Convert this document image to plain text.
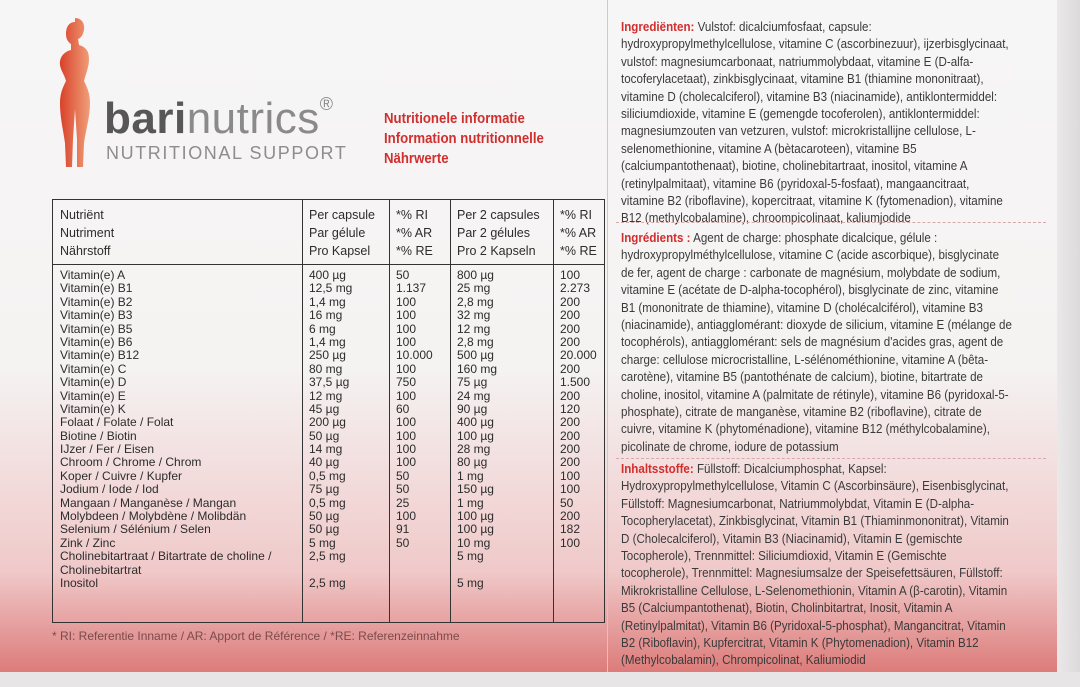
barinutrics®
NUTRITIONAL SUPPORT
Nutritionele informatie
Information nutritionnelle
Nährwerte
Nutriënt
Nutriment
Nährstoff
Per capsule
Par gélule
Pro Kapsel
*% RI
*% AR
*% RE
Per 2 capsules
Par 2 gélules
Pro 2 Kapseln
*% RI
*% AR
*% RE
Vitamin(e) A
Vitamin(e) B1
Vitamin(e) B2
Vitamin(e) B3
Vitamin(e) B5
Vitamin(e) B6
Vitamin(e) B12
Vitamin(e) C
Vitamin(e) D
Vitamin(e) E
Vitamin(e) K
Folaat / Folate / Folat
Biotine / Biotin
IJzer / Fer / Eisen
Chroom / Chrome / Chrom
Koper / Cuivre / Kupfer
Jodium / Iode / Iod
Mangaan / Manganèse / Mangan
Molybdeen / Molybdène / Molibdän
Selenium / Sélénium / Selen
Zink / Zinc
Cholinebitartraat / Bitartrate de choline /
Cholinebitartrat
Inositol
400 µg
12,5 mg
1,4 mg
16 mg
6 mg
1,4 mg
250 µg
80 mg
37,5 µg
12 mg
45 µg
200 µg
50 µg
14 mg
40 µg
0,5 mg
75 µg
0,5 mg
50 µg
50 µg
5 mg
2,5 mg
2,5 mg
50
1.137
100
100
100
100
10.000
100
750
100
60
100
100
100
100
50
50
25
100
91
50
800 µg
25 mg
2,8 mg
32 mg
12 mg
2,8 mg
500 µg
160 mg
75 µg
24 mg
90 µg
400 µg
100 µg
28 mg
80 µg
1 mg
150 µg
1 mg
100 µg
100 µg
10 mg
5 mg
5 mg
100
2.273
200
200
200
200
20.000
200
1.500
200
120
200
200
200
200
100
100
50
200
182
100
* RI: Referentie Inname / AR: Apport de Référence / *RE: Referenzeinnahme
Ingrediënten: Vulstof: dicalciumfosfaat, capsule: hydroxypropylmethylcellulose, vitamine C (ascorbinezuur), ijzerbisglycinaat, vulstof: magnesiumcarbonaat, natriummolybdaat, vitamine E (D-alfa-tocoferylacetaat), zinkbisglycinaat, vitamine B1 (thiamine mononitraat), vitamine D (cholecalciferol), vitamine B3 (niacinamide), antiklontermiddel: siliciumdioxide, vitamine E (gemengde tocoferolen), antiklontermiddel: magnesiumzouten van vetzuren, vulstof: microkristallijne cellulose, L-selenomethionine, vitamine A (bètacaroteen), vitamine B5 (calciumpantothenaat), biotine, cholinebitartraat, inositol, vitamine A (retinylpalmitaat), vitamine B6 (pyridoxal-5-fosfaat), mangaancitraat, vitamine B2 (riboflavine), kopercitraat, vitamine K (fytomenadion), vitamine B12 (methylcobalamine), chroompicolinaat, kaliumjodide
Ingrédients : Agent de charge: phosphate dicalcique, gélule : hydroxypropylméthylcellulose, vitamine C (acide ascorbique), bisglycinate de fer, agent de charge : carbonate de magnésium, molybdate de sodium, vitamine E (acétate de D-alpha-tocophérol), bisglycinate de zinc, vitamine B1 (mononitrate de thiamine), vitamine D (cholécalciférol), vitamine B3 (niacinamide), antiagglomérant: dioxyde de silicium, vitamine E (mélange de tocophérols), antiagglomérant: sels de magnésium d'acides gras, agent de charge: cellulose microcristalline, L-sélénométhionine, vitamine A (bêta-carotène), vitamine B5 (pantothénate de calcium), biotine, bitartrate de choline, inositol, vitamine A (palmitate de rétinyle), vitamine B6 (pyridoxal-5-phosphate), citrate de manganèse, vitamine B2 (riboflavine), citrate de cuivre, vitamine K (phytoménadione), vitamine B12 (méthylcobalamine), picolinate de chrome, iodure de potassium
Inhaltsstoffe: Füllstoff: Dicalciumphosphat, Kapsel: Hydroxypropylmethylcellulose, Vitamin C (Ascorbinsäure), Eisenbisglycinat, Füllstoff: Magnesiumcarbonat, Natriummolybdat, Vitamin E (D-alpha-Tocopherylacetat), Zinkbisglycinat, Vitamin B1 (Thiaminmononitrat), Vitamin D (Cholecalciferol), Vitamin B3 (Niacinamid), Vitamin E (gemischte Tocopherole), Trennmittel: Siliciumdioxid, Vitamin E (Gemischte tocopherole), Trennmittel: Magnesiumsalze der Speisefettsäuren, Füllstoff: Mikrokristalline Cellulose, L-Selenomethionin, Vitamin A (β-carotin), Vitamin B5 (Calciumpantothenat), Biotin, Cholinbitartrat, Inosit, Vitamin A (Retinylpalmitat), Vitamin B6 (Pyridoxal-5-phosphat), Mangancitrat, Vitamin B2 (Riboflavin), Kupfercitrat, Vitamin K (Phytomenadion), Vitamin B12 (Methylcobalamin), Chrompicolinat, Kaliumiodid
